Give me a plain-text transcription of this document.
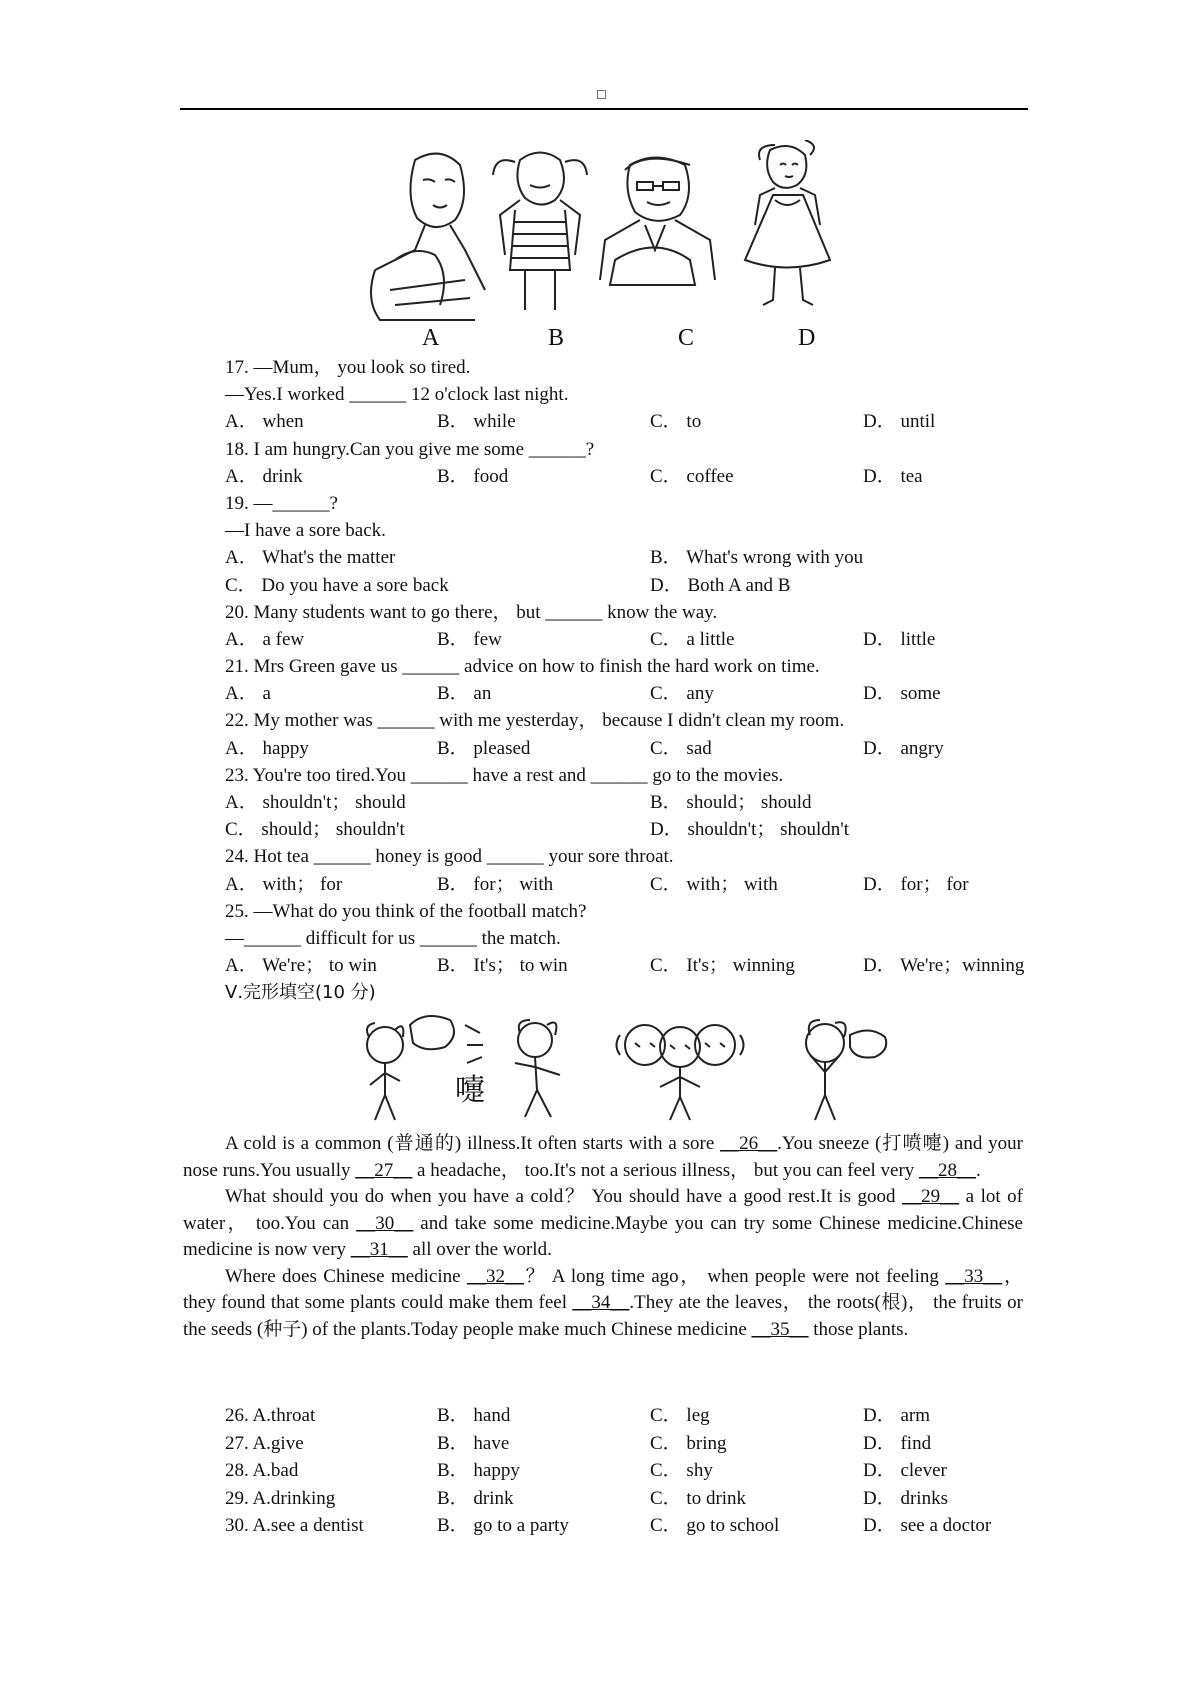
☐
A	B	C	D
17. —Mum， you look so tired.
—Yes.I worked ______ 12 o'clock last night.
A． when	B． while	C． to	D． until
18. I am hungry.Can you give me some ______?
A． drink	B． food	C． coffee	D． tea
19. —______?
—I have a sore back.
A． What's the matter	B． What's wrong with you
C． Do you have a sore back	D． Both A and B
20. Many students want to go there， but ______ know the way.
A． a few	B． few	C． a little	D． little
21. Mrs Green gave us ______ advice on how to finish the hard work on time.
A． a	B． an	C． any	D． some
22. My mother was ______ with me yesterday， because I didn't clean my room.
A． happy	B． pleased	C． sad	D． angry
23. You're too tired.You ______ have a rest and ______ go to the movies.
A． shouldn't； should	B． should； should
C． should； shouldn't	D． shouldn't； shouldn't
24. Hot tea ______ honey is good ______ your sore throat.
A． with； for	B． for； with	C． with； with	D． for； for
25. —What do you think of the football match?
—______ difficult for us ______ the match.
A． We're； to win	B． It's； to win	C． It's； winning	D． We're；winning
Ⅴ.完形填空(10 分)
嚏

A cold is a common (普通的) illness.It often starts with a sore __26__.You sneeze (打喷嚏) and your nose runs.You usually __27__ a headache， too.It's not a serious illness， but you can feel very __28__.

What should you do when you have a cold？ You should have a good rest.It is good __29__ a lot of water， too.You can __30__ and take some medicine.Maybe you can try some Chinese medicine.Chinese medicine is now very __31__ all over the world.

Where does Chinese medicine __32__？ A long time ago， when people were not feeling __33__， they found that some plants could make them feel __34__.They ate the leaves， the roots(根)， the fruits or the seeds (种子) of the plants.Today people make much Chinese medicine __35__ those plants.

26. A.throat	B． hand	C． leg	D． arm
27. A.give	B． have	C． bring	D． find
28. A.bad	B． happy	C． shy	D． clever
29. A.drinking	B． drink	C． to drink	D． drinks
30. A.see a dentist	B． go to a party	C． go to school	D． see a doctor
